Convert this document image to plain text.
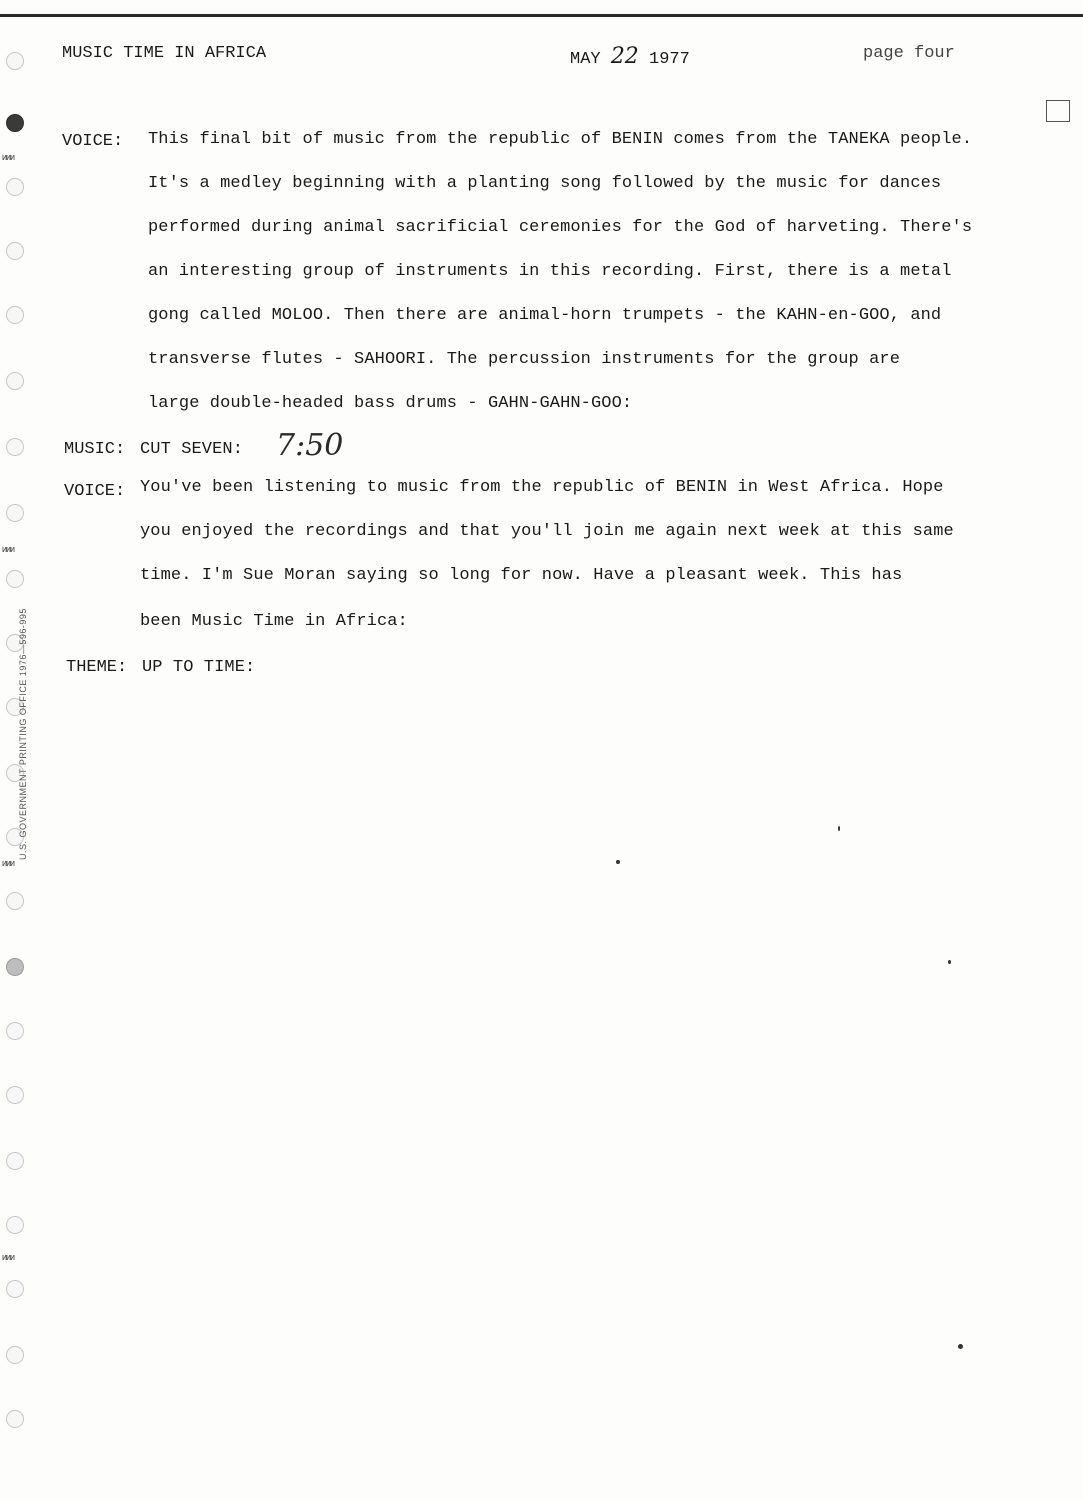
ᴎᴎᴎ
ᴎᴎᴎ
ᴎᴎᴎ
ᴎᴎᴎ
U.S. GOVERNMENT PRINTING OFFICE 1976—596-995
MUSIC TIME IN AFRICA	MAY 22 1977	page four
VOICE: This final bit of music from the republic of BENIN comes from the TANEKA people.
It's a medley beginning with a planting song followed by the music for dances
performed during animal sacrificial ceremonies for the God of harveting. There's
an interesting group of instruments in this recording. First, there is a metal
gong called MOLOO. Then there are animal-horn trumpets - the KAHN-en-GOO, and
transverse flutes - SAHOORI. The percussion instruments for the group are
large double-headed bass drums - GAHN-GAHN-GOO:
MUSIC: CUT SEVEN: 7:50
VOICE: You've been listening to music from the republic of BENIN in West Africa. Hope
you enjoyed the recordings and that you'll join me again next week at this same
time. I'm Sue Moran saying so long for now. Have a pleasant week. This has
been Music Time in Africa:
THEME: UP TO TIME:
